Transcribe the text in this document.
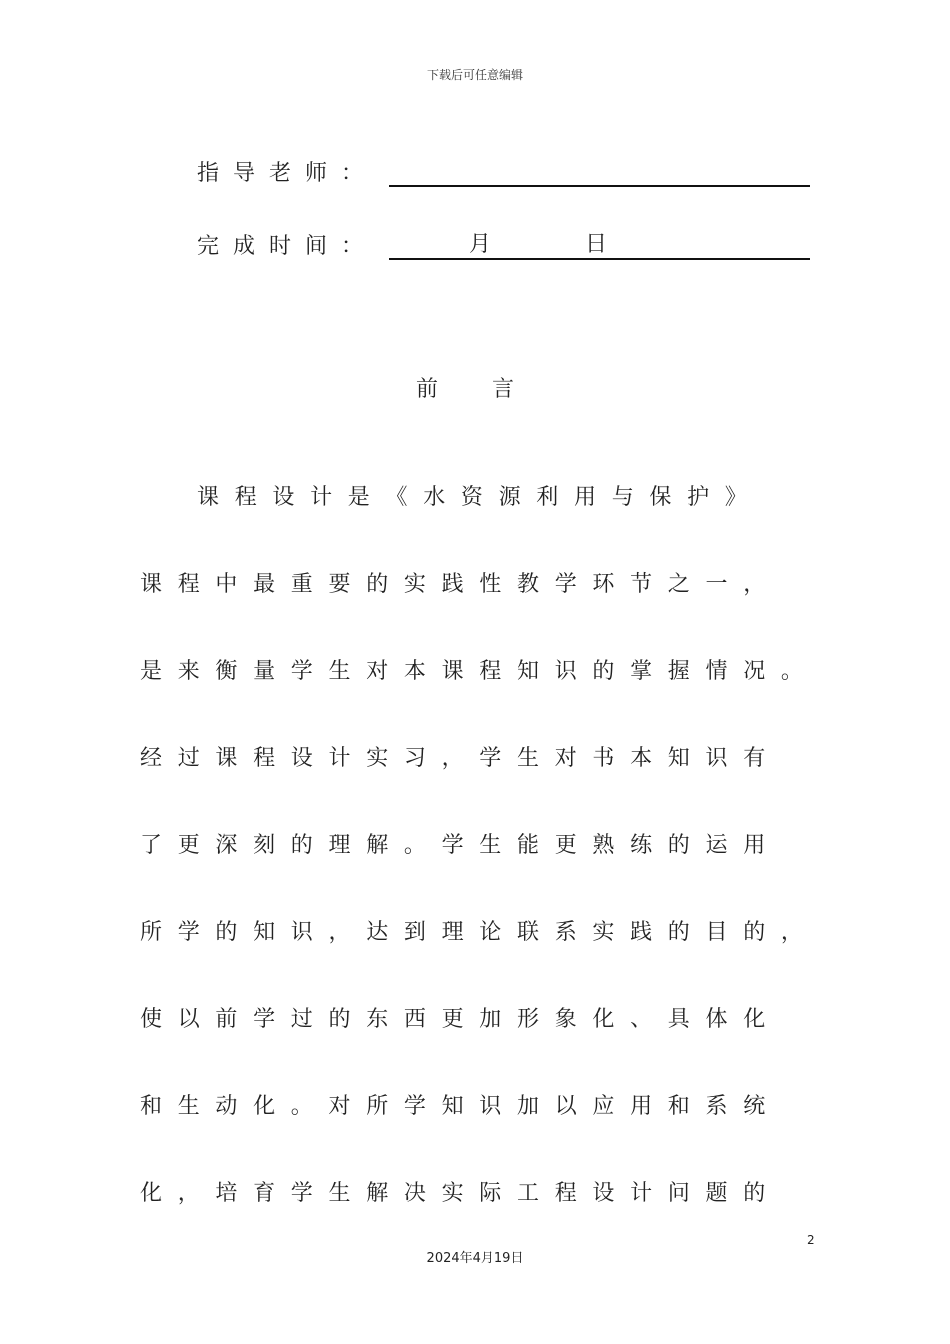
下载后可任意编辑
指导老师：
完成时间：	月	日
前言
课程设计是《水资源利用与保护》
课程中最重要的实践性教学环节之一，
是来衡量学生对本课程知识的掌握情况。
经过课程设计实习，学生对书本知识有
了更深刻的理解。学生能更熟练的运用
所学的知识，达到理论联系实践的目的，
使以前学过的东西更加形象化、具体化
和生动化。对所学知识加以应用和系统
化，培育学生解决实际工程设计问题的
2
2024年4月19日
